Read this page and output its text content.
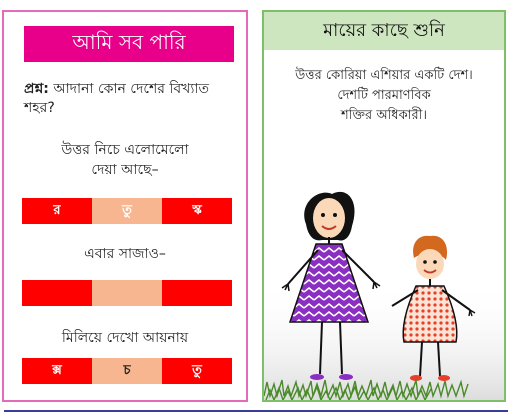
আমি সব পারি
প্রশ্ন: আদানা কোন দেশের বিখ্যাত শহর?
উত্তর নিচে এলোমেলো
দেয়া আছে–
র	তু	স্ক
এবার সাজাও–
মিলিয়ে দেখো আয়নায়
ক্স	চ	তু
মায়ের কাছে শুনি
উত্তর কোরিয়া এশিয়ার একটি দেশ।
দেশটি পারমাণবিক
শক্তির অধিকারী।
